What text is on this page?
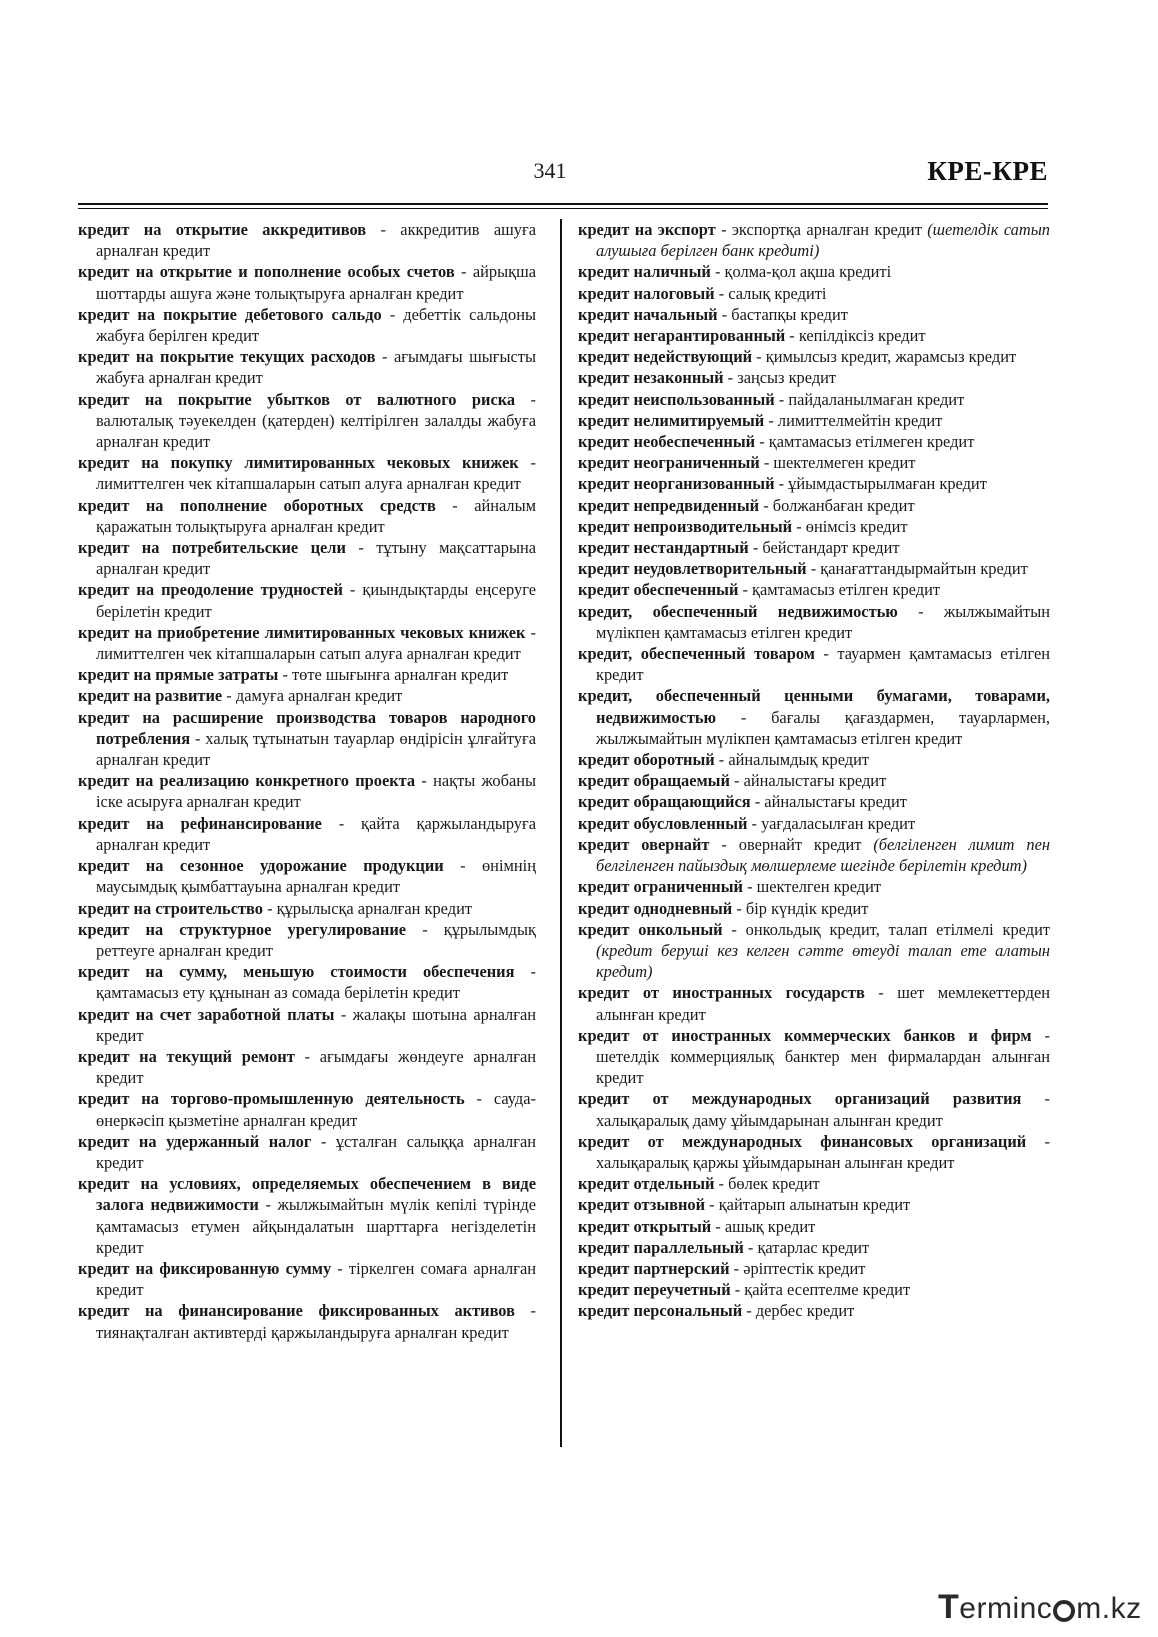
341	КРЕ-КРЕ

кредит на открытие аккредитивов - аккредитив ашуға арналған кредит

кредит на открытие и пополнение особых счетов - айрықша шоттарды ашуға және толықтыруға арналған кредит

кредит на покрытие дебетового сальдо - дебеттік сальдоны жабуға берілген кредит

кредит на покрытие текущих расходов - ағымдағы шығысты жабуға арналған кредит

кредит на покрытие убытков от валютного риска - валюталық тәуекелден (қатерден) келтірілген залалды жабуға арналған кредит

кредит на покупку лимитированных чековых книжек - лимиттелген чек кітапшаларын сатып алуға арналған кредит

кредит на пополнение оборотных средств - айналым қаражатын толықтыруға арналған кредит

кредит на потребительские цели - тұтыну мақсаттарына арналған кредит

кредит на преодоление трудностей - қиындықтарды еңсеруге берілетін кредит

кредит на приобретение лимитированных чековых книжек - лимиттелген чек кітапшаларын сатып алуға арналған кредит

кредит на прямые затраты - төте шығынға арналған кредит

кредит на развитие - дамуға арналған кредит

кредит на расширение производства товаров народного потребления - халық тұтынатын тауарлар өндірісін ұлғайтуға арналған кредит

кредит на реализацию конкретного проекта - нақты жобаны іске асыруға арналған кредит

кредит на рефинансирование - қайта қаржыландыруға арналған кредит

кредит на сезонное удорожание продукции - өнімнің маусымдық қымбаттауына арналған кредит

кредит на строительство - құрылысқа арналған кредит

кредит на структурное урегулирование - құрылымдық реттеуге арналған кредит

кредит на сумму, меньшую стоимости обеспечения - қамтамасыз ету құнынан аз сомада берілетін кредит

кредит на счет заработной платы - жалақы шотына арналған кредит

кредит на текущий ремонт - ағымдағы жөндеуге арналған кредит

кредит на торгово-промышленную деятельность - сауда-өнеркәсіп қызметіне арналған кредит

кредит на удержанный налог - ұсталған салыққа арналған кредит

кредит на условиях, определяемых обеспечением в виде залога недвижимости - жылжымайтын мүлік кепілі түрінде қамтамасыз етумен айқындалатын шарттарға негізделетін кредит

кредит на фиксированную сумму - тіркелген сомаға арналған кредит

кредит на финансирование фиксированных активов - тиянақталған активтерді қаржыландыруға арналған кредит

кредит на экспорт - экспортқа арналған кредит (шетелдік сатып алушыға берілген банк кредиті)

кредит наличный - қолма-қол ақша кредиті

кредит налоговый - салық кредиті

кредит начальный - бастапқы кредит

кредит негарантированный - кепілдіксіз кредит

кредит недействующий - қимылсыз кредит, жарамсыз кредит

кредит незаконный - заңсыз кредит

кредит неиспользованный - пайдаланылмаған кредит

кредит нелимитируемый - лимиттелмейтін кредит

кредит необеспеченный - қамтамасыз етілмеген кредит

кредит неограниченный - шектелмеген кредит

кредит неорганизованный - ұйымдастырылмаған кредит

кредит непредвиденный - болжанбаған кредит

кредит непроизводительный - өнімсіз кредит

кредит нестандартный - бейстандарт кредит

кредит неудовлетворительный - қанағаттандырмайтын кредит

кредит обеспеченный - қамтамасыз етілген кредит

кредит, обеспеченный недвижимостью - жылжымайтын мүлікпен қамтамасыз етілген кредит

кредит, обеспеченный товаром - тауармен қамтамасыз етілген кредит

кредит, обеспеченный ценными бумагами, товарами, недвижимостью - бағалы қағаздармен, тауарлармен, жылжымайтын мүлікпен қамтамасыз етілген кредит

кредит оборотный - айналымдық кредит

кредит обращаемый - айналыстағы кредит

кредит обращающийся - айналыстағы кредит

кредит обусловленный - уағдаласылған кредит

кредит овернайт - овернайт кредит (белгіленген лимит пен белгіленген пайыздық мөлшерлеме шегінде берілетін кредит)

кредит ограниченный - шектелген кредит

кредит однодневный - бір күндік кредит

кредит онкольный - онкольдық кредит, талап етілмелі кредит (кредит беруші кез келген сәтте өтеуді талап ете алатын кредит)

кредит от иностранных государств - шет мемлекеттерден алынған кредит

кредит от иностранных коммерческих банков и фирм - шетелдік коммерциялық банктер мен фирмалардан алынған кредит

кредит от международных организаций развития - халықаралық даму ұйымдарынан алынған кредит

кредит от международных финансовых организаций - халықаралық қаржы ұйымдарынан алынған кредит

кредит отдельный - бөлек кредит

кредит отзывной - қайтарып алынатын кредит

кредит открытый - ашық кредит

кредит параллельный - қатарлас кредит

кредит партнерский - әріптестік кредит

кредит переучетный - қайта есептелме кредит

кредит персональный - дербес кредит

Terminc m.kz
